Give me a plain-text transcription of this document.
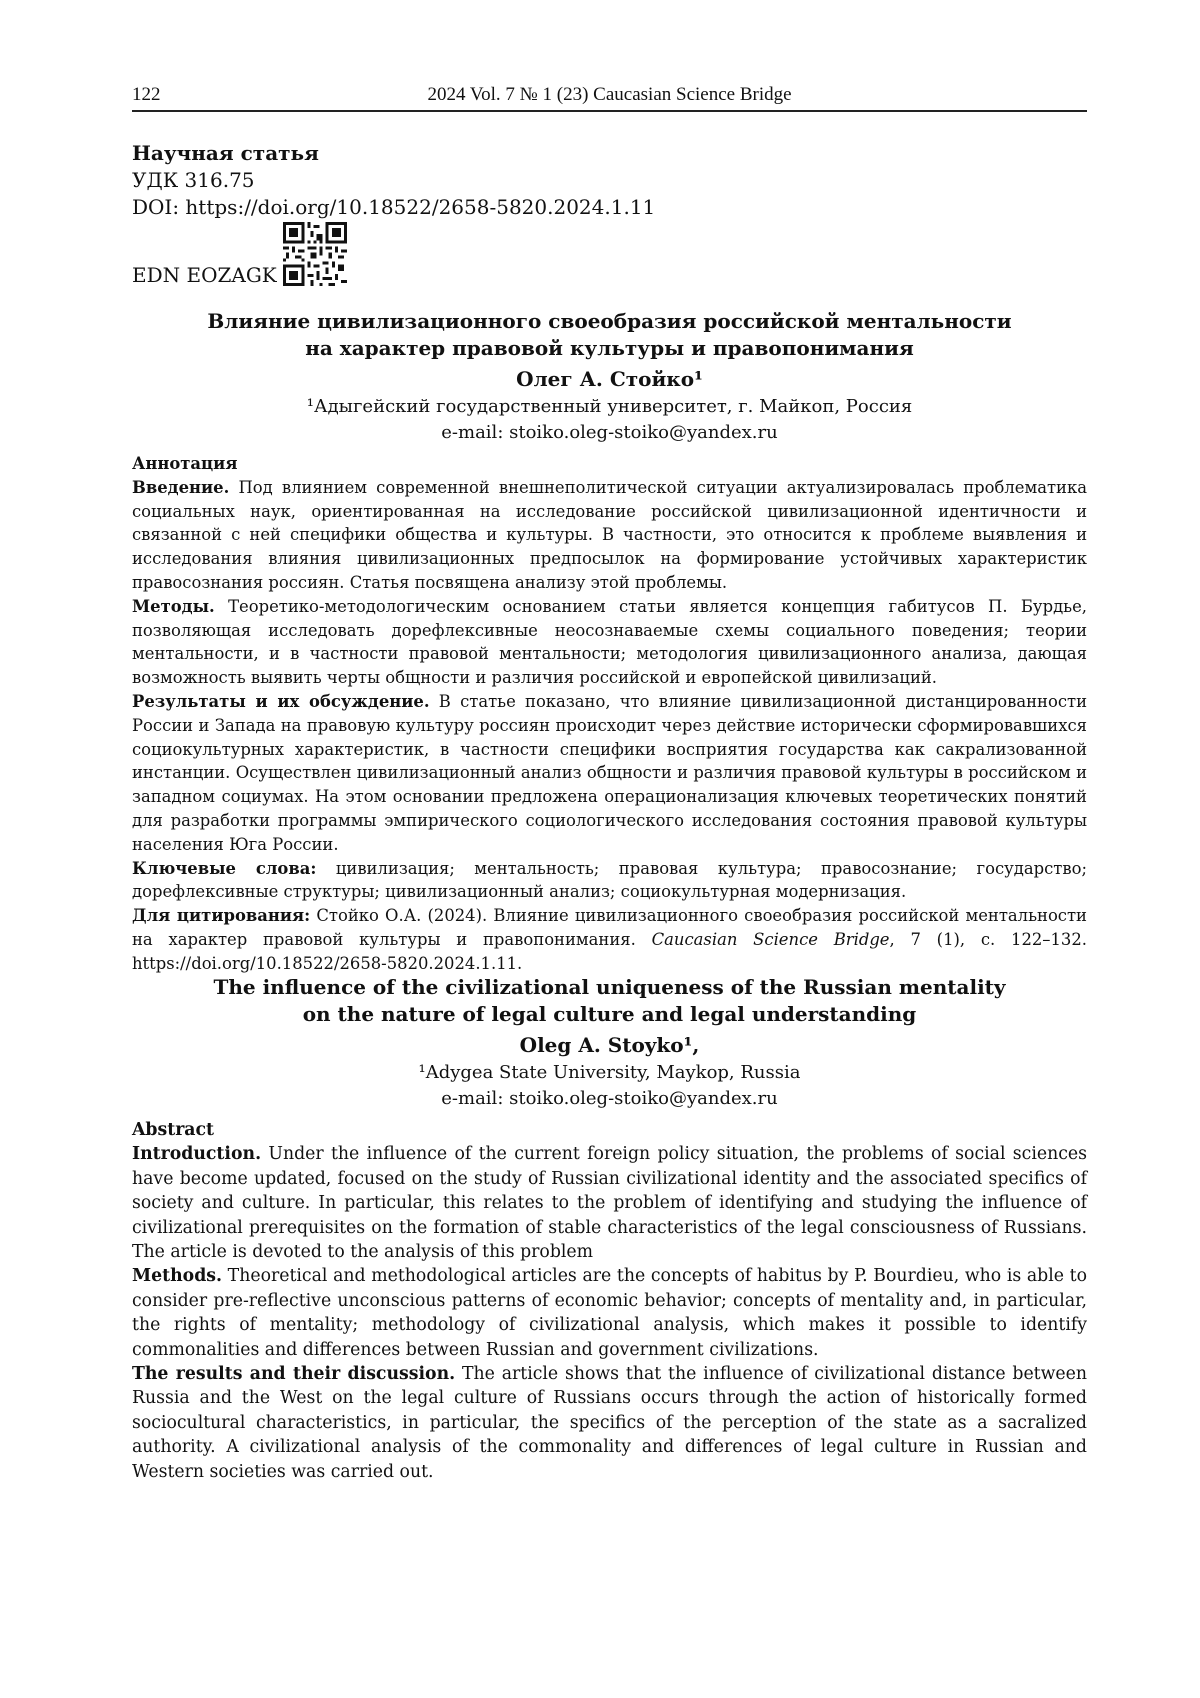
122	2024 Vol. 7 № 1 (23) Caucasian Science Bridge
Научная статья
УДК 316.75
DOI: https://doi.org/10.18522/2658-5820.2024.1.11
EDN EOZAGK
Влияние цивилизационного своеобразия российской ментальности
на характер правовой культуры и правопонимания
Олег А. Стойко¹
¹Адыгейский государственный университет, г. Майкоп, Россия
e-mail: stoiko.oleg-stoiko@yandex.ru

Аннотация

Введение. Под влиянием современной внешнеполитической ситуации актуализировалась проблематика социальных наук, ориентированная на исследование российской цивилизационной идентичности и связанной с ней специфики общества и культуры. В частности, это относится к проблеме выявления и исследования влияния цивилизационных предпосылок на формирование устойчивых характеристик правосознания россиян. Статья посвящена анализу этой проблемы.

Методы. Теоретико-методологическим основанием статьи является концепция габитусов П. Бурдье, позволяющая исследовать дорефлексивные неосознаваемые схемы социального поведения; теории ментальности, и в частности правовой ментальности; методология цивилизационного анализа, дающая возможность выявить черты общности и различия российской и европейской цивилизаций.

Результаты и их обсуждение. В статье показано, что влияние цивилизационной дистанцированности России и Запада на правовую культуру россиян происходит через действие исторически сформировавшихся социокультурных характеристик, в частности специфики восприятия государства как сакрализованной инстанции. Осуществлен цивилизационный анализ общности и различия правовой культуры в российском и западном социумах. На этом основании предложена операционализация ключевых теоретических понятий для разработки программы эмпирического социологического исследования состояния правовой культуры населения Юга России.

Ключевые слова: цивилизация; ментальность; правовая культура; правосознание; государство; дорефлексивные структуры; цивилизационный анализ; социокультурная модернизация.

Для цитирования: Стойко О.А. (2024). Влияние цивилизационного своеобразия российской ментальности на характер правовой культуры и правопонимания. Caucasian Science Bridge, 7 (1), с. 122–132. https://doi.org/10.18522/2658-5820.2024.1.11.

The influence of the civilizational uniqueness of the Russian mentality
on the nature of legal culture and legal understanding
Oleg A. Stoyko¹,
¹Adygea State University, Maykop, Russia
e-mail: stoiko.oleg-stoiko@yandex.ru

Abstract

Introduction. Under the influence of the current foreign policy situation, the problems of social sciences have become updated, focused on the study of Russian civilizational identity and the associated specifics of society and culture. In particular, this relates to the problem of identifying and studying the influence of civilizational prerequisites on the formation of stable characteristics of the legal consciousness of Russians. The article is devoted to the analysis of this problem

Methods. Theoretical and methodological articles are the concepts of habitus by P. Bourdieu, who is able to consider pre-reflective unconscious patterns of economic behavior; concepts of mentality and, in particular, the rights of mentality; methodology of civilizational analysis, which makes it possible to identify commonalities and differences between Russian and government civilizations.

The results and their discussion. The article shows that the influence of civilizational distance between Russia and the West on the legal culture of Russians occurs through the action of historically formed sociocultural characteristics, in particular, the specifics of the perception of the state as a sacralized authority. A civilizational analysis of the commonality and differences of legal culture in Russian and Western societies was carried out.
